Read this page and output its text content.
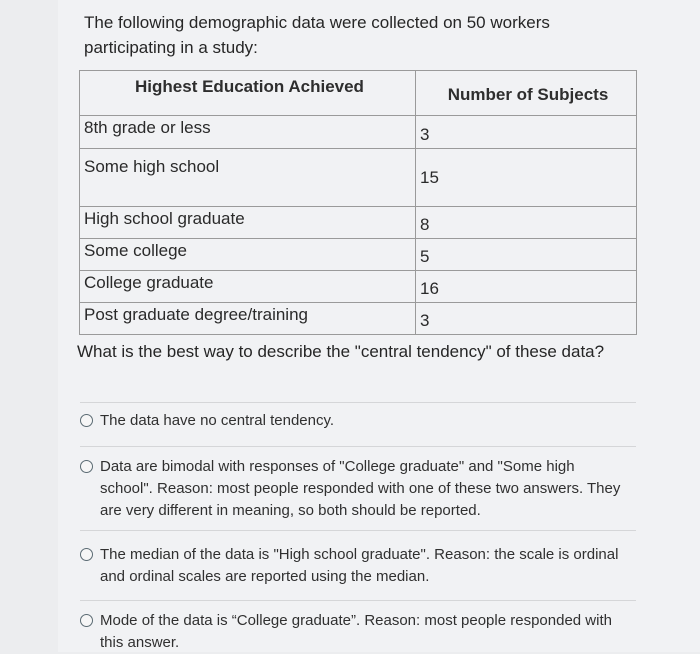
The following demographic data were collected on 50 workers
participating in a study:
Highest Education Achieved	Number of Subjects
8th grade or less	3
Some high school	15
High school graduate	8
Some college	5
College graduate	16
Post graduate degree/training	3
What is the best way to describe the "central tendency" of these data?
The data have no central tendency.
Data are bimodal with responses of "College graduate" and "Some high
school". Reason: most people responded with one of these two answers. They
are very different in meaning, so both should be reported.
The median of the data is "High school graduate". Reason: the scale is ordinal
and ordinal scales are reported using the median.
Mode of the data is “College graduate”. Reason: most people responded with
this answer.
